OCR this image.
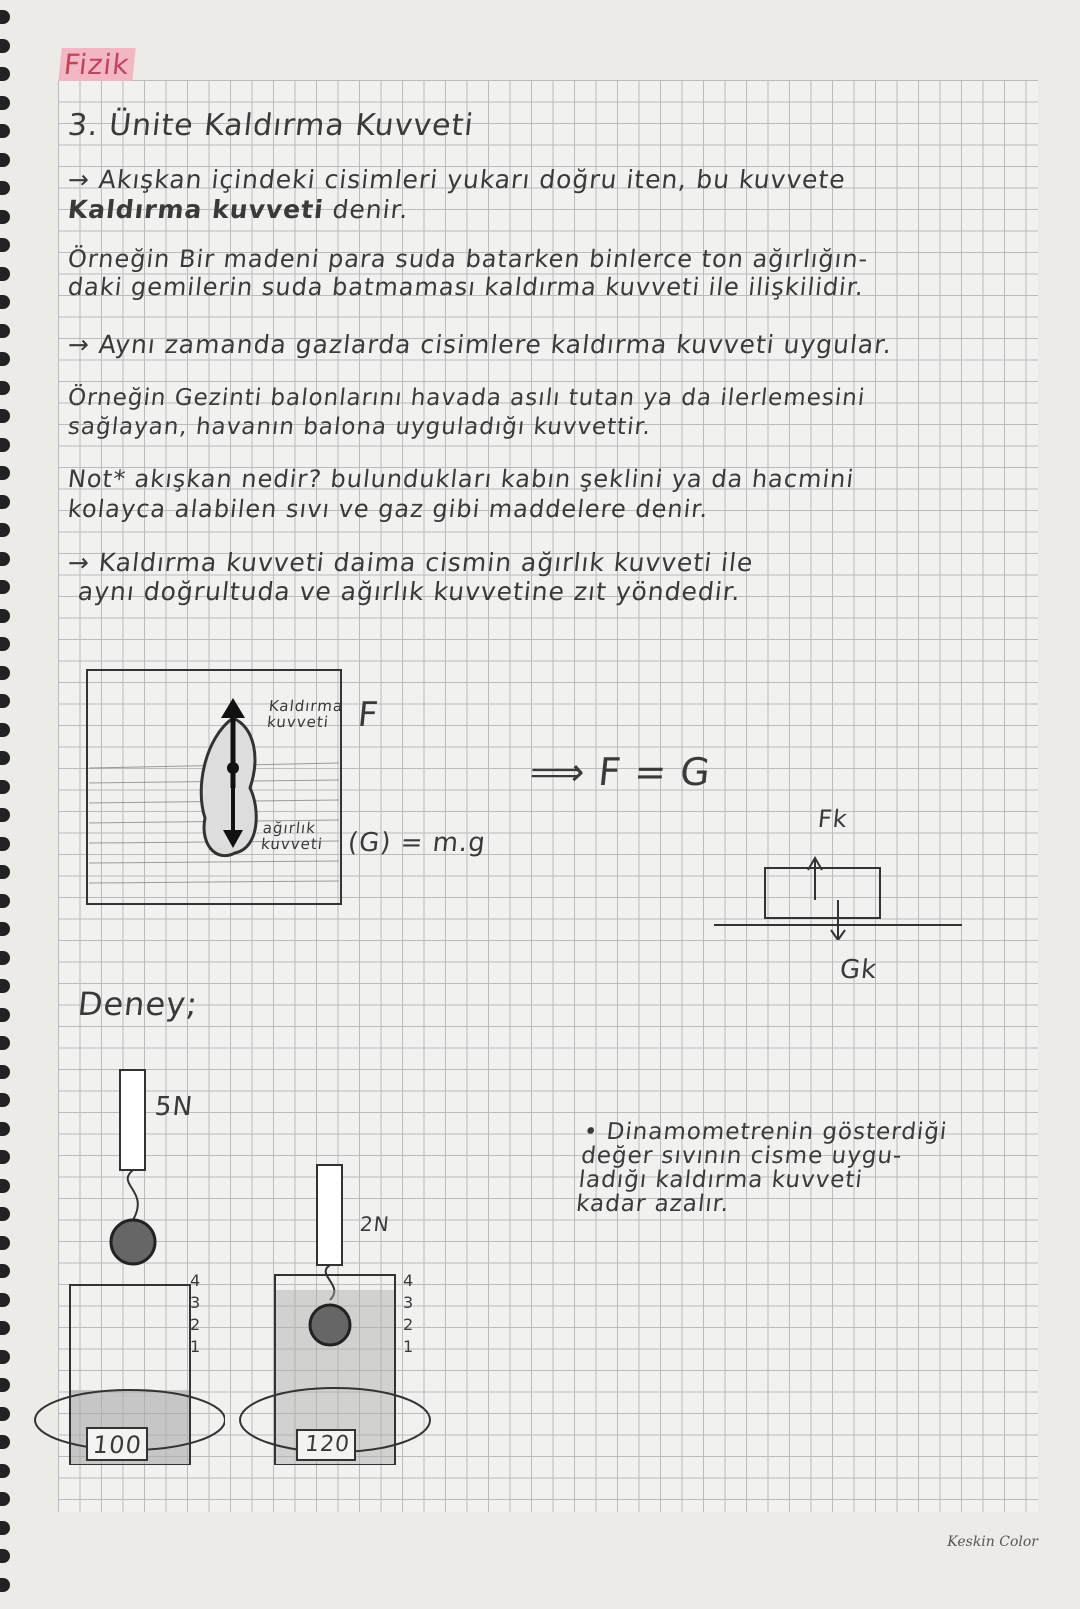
Fizik
3. Ünite Kaldırma Kuvveti
→ Akışkan içindeki cisimleri yukarı doğru iten, bu kuvvete
Kaldırma kuvveti denir.
Örneğin Bir madeni para suda batarken binlerce ton ağırlığın-
daki gemilerin suda batmaması kaldırma kuvveti ile ilişkilidir.
→ Aynı zamanda gazlarda cisimlere kaldırma kuvveti uygular.
Örneğin Gezinti balonlarını havada asılı tutan ya da ilerlemesini
sağlayan, havanın balona uyguladığı kuvvettir.
Not* akışkan nedir? bulundukları kabın şeklini ya da hacmini
kolayca alabilen sıvı ve gaz gibi maddelere denir.
→ Kaldırma kuvveti daima cismin ağırlık kuvveti ile
aynı doğrultuda ve ağırlık kuvvetine zıt yöndedir.
Kaldırma
kuvveti F
ağırlık
kuvveti (G) = m.g
⟹ F = G
Fk
Gk
Deney;
5N
100
4
3
2
1
2N
120
4
3
2
1
• Dinamometrenin gösterdiği
değer sıvının cisme uygu-
ladığı kaldırma kuvveti
kadar azalır.
Keskin Color
